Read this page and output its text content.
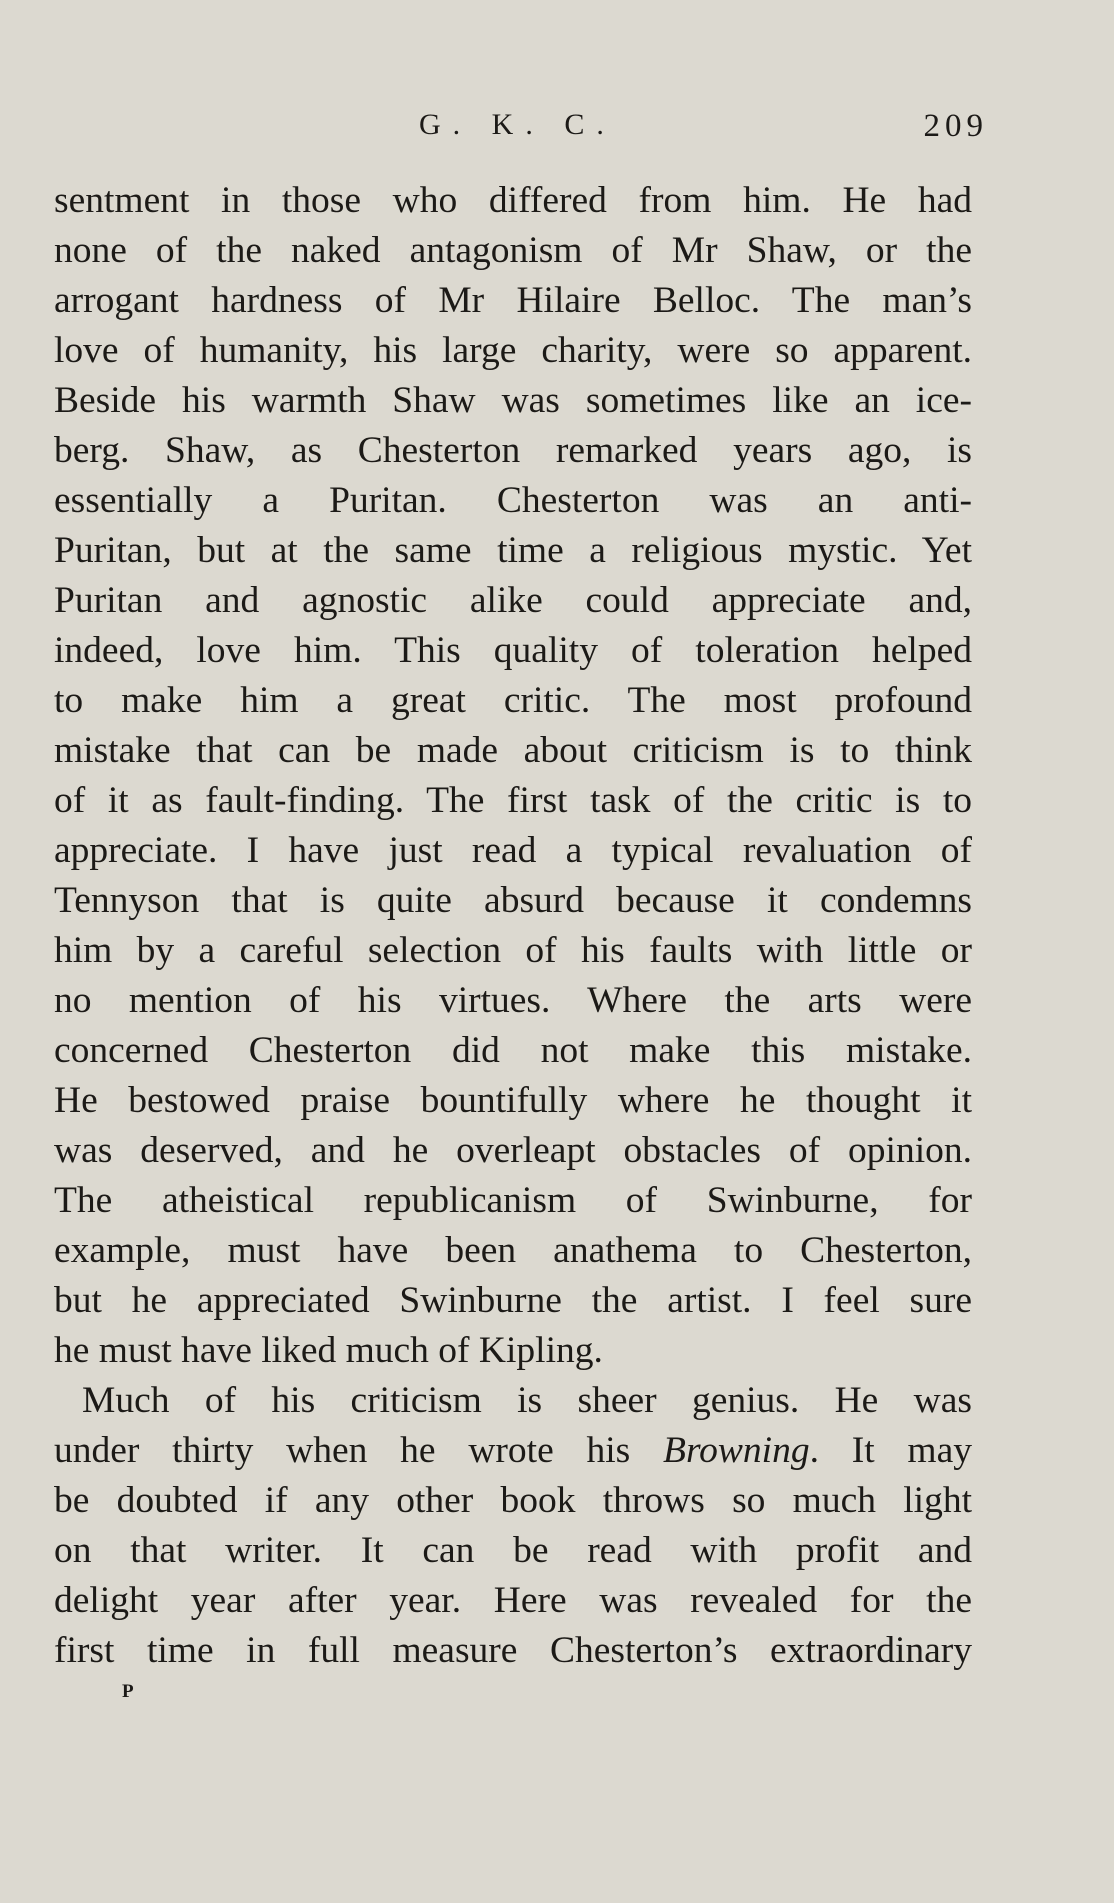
G. K. C.	209
sentment in those who differed from him. He had
none of the naked antagonism of Mr Shaw, or the
arrogant hardness of Mr Hilaire Belloc. The man’s
love of humanity, his large charity, were so apparent.
Beside his warmth Shaw was sometimes like an ice-
berg. Shaw, as Chesterton remarked years ago, is
essentially a Puritan. Chesterton was an anti-
Puritan, but at the same time a religious mystic. Yet
Puritan and agnostic alike could appreciate and,
indeed, love him. This quality of toleration helped
to make him a great critic. The most profound
mistake that can be made about criticism is to think
of it as fault-finding. The first task of the critic is to
appreciate. I have just read a typical revaluation of
Tennyson that is quite absurd because it condemns
him by a careful selection of his faults with little or
no mention of his virtues. Where the arts were
concerned Chesterton did not make this mistake.
He bestowed praise bountifully where he thought it
was deserved, and he overleapt obstacles of opinion.
The atheistical republicanism of Swinburne, for
example, must have been anathema to Chesterton,
but he appreciated Swinburne the artist. I feel sure
he must have liked much of Kipling.
Much of his criticism is sheer genius. He was
under thirty when he wrote his Browning. It may
be doubted if any other book throws so much light
on that writer. It can be read with profit and
delight year after year. Here was revealed for the
first time in full measure Chesterton’s extraordinary
P
